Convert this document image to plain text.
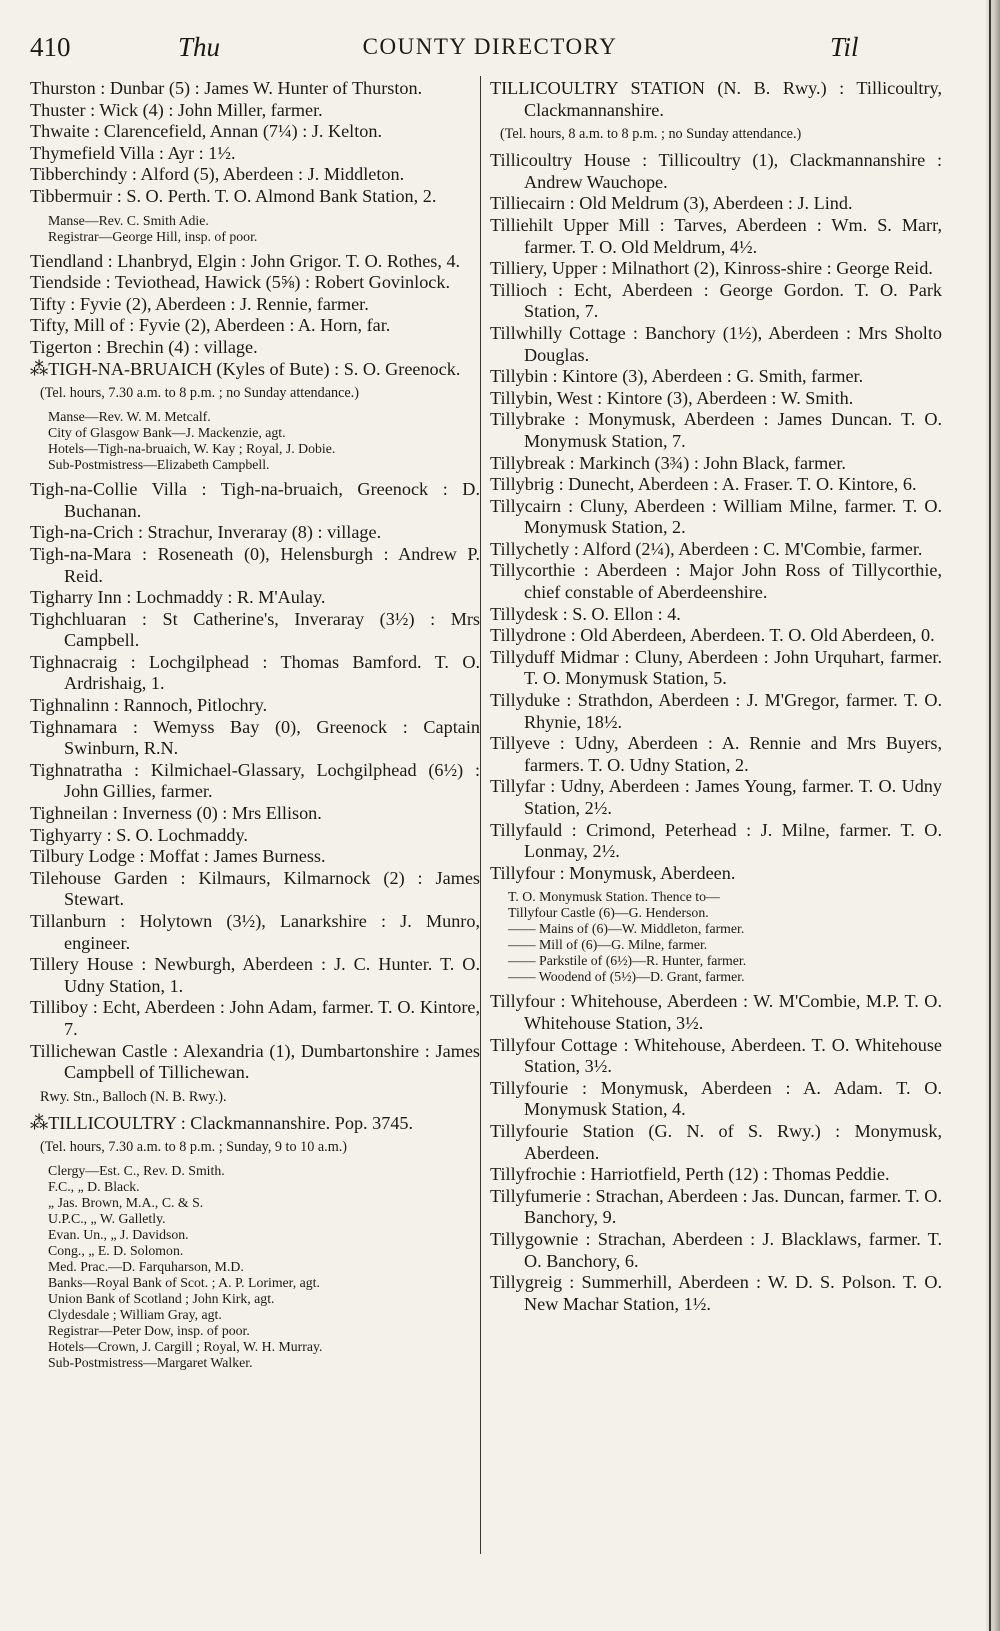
410	Thu	COUNTY DIRECTORY	Til

Thurston : Dunbar (5) : James W. Hunter of Thurston.

Thuster : Wick (4) : John Miller, farmer.

Thwaite : Clarencefield, Annan (7¼) : J. Kelton.

Thymefield Villa : Ayr : 1½.

Tibberchindy : Alford (5), Aberdeen : J. Middleton.

Tibbermuir : S. O. Perth. T. O. Almond Bank Station, 2.

Manse—Rev. C. Smith Adie.
Registrar—George Hill, insp. of poor.

Tiendland : Lhanbryd, Elgin : John Grigor. T. O. Rothes, 4.

Tiendside : Teviothead, Hawick (5⅝) : Robert Govinlock.

Tifty : Fyvie (2), Aberdeen : J. Rennie, farmer.

Tifty, Mill of : Fyvie (2), Aberdeen : A. Horn, far.

Tigerton : Brechin (4) : village.

⁂TIGH-NA-BRUAICH (Kyles of Bute) : S. O. Greenock.

(Tel. hours, 7.30 a.m. to 8 p.m. ; no Sunday attendance.)

Manse—Rev. W. M. Metcalf.
City of Glasgow Bank—J. Mackenzie, agt.
Hotels—Tigh-na-bruaich, W. Kay ; Royal, J. Dobie.
Sub-Postmistress—Elizabeth Campbell.

Tigh-na-Collie Villa : Tigh-na-bruaich, Greenock : D. Buchanan.

Tigh-na-Crich : Strachur, Inveraray (8) : village.

Tigh-na-Mara : Roseneath (0), Helensburgh : Andrew P. Reid.

Tigharry Inn : Lochmaddy : R. M'Aulay.

Tighchluaran : St Catherine's, Inveraray (3½) : Mrs Campbell.

Tighnacraig : Lochgilphead : Thomas Bamford. T. O. Ardrishaig, 1.

Tighnalinn : Rannoch, Pitlochry.

Tighnamara : Wemyss Bay (0), Greenock : Captain Swinburn, R.N.

Tighnatratha : Kilmichael-Glassary, Lochgilphead (6½) : John Gillies, farmer.

Tighneilan : Inverness (0) : Mrs Ellison.

Tighyarry : S. O. Lochmaddy.

Tilbury Lodge : Moffat : James Burness.

Tilehouse Garden : Kilmaurs, Kilmarnock (2) : James Stewart.

Tillanburn : Holytown (3½), Lanarkshire : J. Munro, engineer.

Tillery House : Newburgh, Aberdeen : J. C. Hunter. T. O. Udny Station, 1.

Tilliboy : Echt, Aberdeen : John Adam, farmer. T. O. Kintore, 7.

Tillichewan Castle : Alexandria (1), Dumbartonshire : James Campbell of Tillichewan.

Rwy. Stn., Balloch (N. B. Rwy.).

⁂TILLICOULTRY : Clackmannanshire. Pop. 3745.

(Tel. hours, 7.30 a.m. to 8 p.m. ; Sunday, 9 to 10 a.m.)

Clergy—Est. C., Rev. D. Smith.
F.C., „ D. Black.
„ Jas. Brown, M.A., C. & S.
U.P.C., „ W. Galletly.
Evan. Un., „ J. Davidson.
Cong., „ E. D. Solomon.
Med. Prac.—D. Farquharson, M.D.
Banks—Royal Bank of Scot. ; A. P. Lorimer, agt.
Union Bank of Scotland ; John Kirk, agt.
Clydesdale ; William Gray, agt.
Registrar—Peter Dow, insp. of poor.
Hotels—Crown, J. Cargill ; Royal, W. H. Murray.
Sub-Postmistress—Margaret Walker.

TILLICOULTRY STATION (N. B. Rwy.) : Tillicoultry, Clackmannanshire.

(Tel. hours, 8 a.m. to 8 p.m. ; no Sunday attendance.)

Tillicoultry House : Tillicoultry (1), Clackmannanshire : Andrew Wauchope.

Tilliecairn : Old Meldrum (3), Aberdeen : J. Lind.

Tilliehilt Upper Mill : Tarves, Aberdeen : Wm. S. Marr, farmer. T. O. Old Meldrum, 4½.

Tilliery, Upper : Milnathort (2), Kinross-shire : George Reid.

Tillioch : Echt, Aberdeen : George Gordon. T. O. Park Station, 7.

Tillwhilly Cottage : Banchory (1½), Aberdeen : Mrs Sholto Douglas.

Tillybin : Kintore (3), Aberdeen : G. Smith, farmer.

Tillybin, West : Kintore (3), Aberdeen : W. Smith.

Tillybrake : Monymusk, Aberdeen : James Duncan. T. O. Monymusk Station, 7.

Tillybreak : Markinch (3¾) : John Black, farmer.

Tillybrig : Dunecht, Aberdeen : A. Fraser. T. O. Kintore, 6.

Tillycairn : Cluny, Aberdeen : William Milne, farmer. T. O. Monymusk Station, 2.

Tillychetly : Alford (2¼), Aberdeen : C. M'Combie, farmer.

Tillycorthie : Aberdeen : Major John Ross of Tillycorthie, chief constable of Aberdeenshire.

Tillydesk : S. O. Ellon : 4.

Tillydrone : Old Aberdeen, Aberdeen. T. O. Old Aberdeen, 0.

Tillyduff Midmar : Cluny, Aberdeen : John Urquhart, farmer. T. O. Monymusk Station, 5.

Tillyduke : Strathdon, Aberdeen : J. M'Gregor, farmer. T. O. Rhynie, 18½.

Tillyeve : Udny, Aberdeen : A. Rennie and Mrs Buyers, farmers. T. O. Udny Station, 2.

Tillyfar : Udny, Aberdeen : James Young, farmer. T. O. Udny Station, 2½.

Tillyfauld : Crimond, Peterhead : J. Milne, farmer. T. O. Lonmay, 2½.

Tillyfour : Monymusk, Aberdeen.

T. O. Monymusk Station. Thence to—
Tillyfour Castle (6)—G. Henderson.
—— Mains of (6)—W. Middleton, farmer.
—— Mill of (6)—G. Milne, farmer.
—— Parkstile of (6½)—R. Hunter, farmer.
—— Woodend of (5½)—D. Grant, farmer.

Tillyfour : Whitehouse, Aberdeen : W. M'Combie, M.P. T. O. Whitehouse Station, 3½.

Tillyfour Cottage : Whitehouse, Aberdeen. T. O. Whitehouse Station, 3½.

Tillyfourie : Monymusk, Aberdeen : A. Adam. T. O. Monymusk Station, 4.

Tillyfourie Station (G. N. of S. Rwy.) : Monymusk, Aberdeen.

Tillyfrochie : Harriotfield, Perth (12) : Thomas Peddie.

Tillyfumerie : Strachan, Aberdeen : Jas. Duncan, farmer. T. O. Banchory, 9.

Tillygownie : Strachan, Aberdeen : J. Blacklaws, farmer. T. O. Banchory, 6.

Tillygreig : Summerhill, Aberdeen : W. D. S. Polson. T. O. New Machar Station, 1½.
